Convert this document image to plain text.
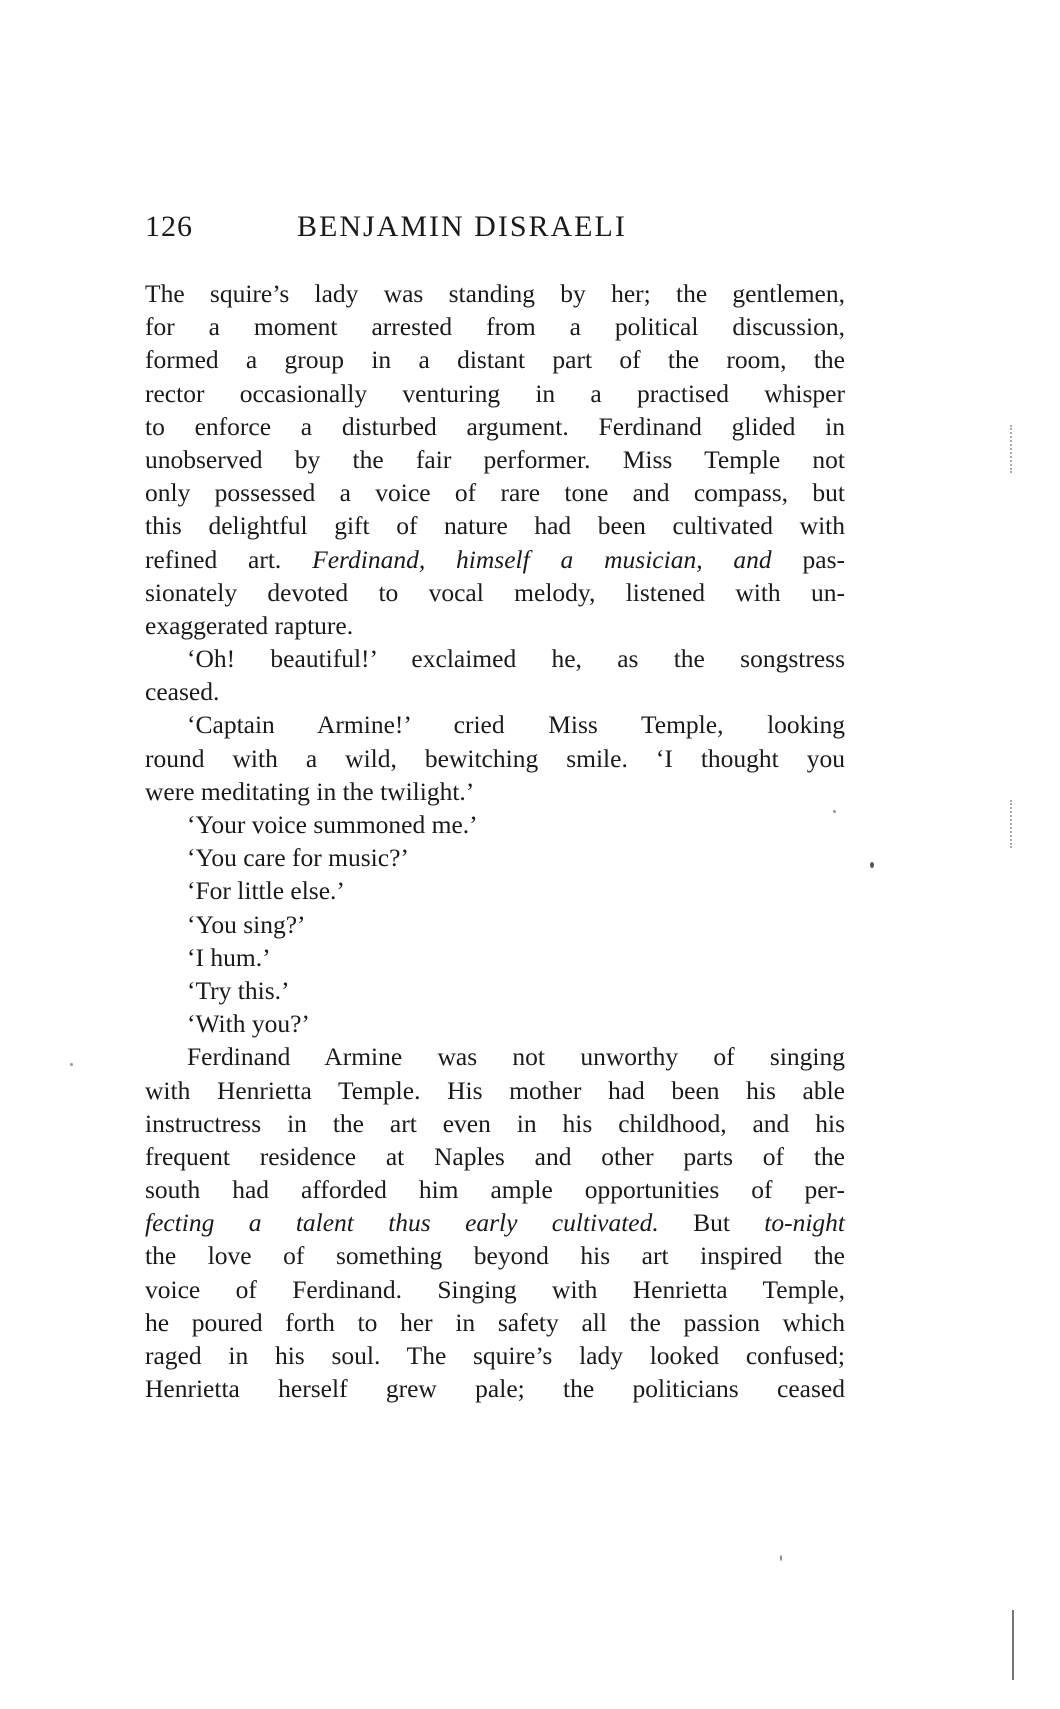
126	BENJAMIN DISRAELI
The squire’s lady was standing by her; the gentlemen,
for a moment arrested from a political discussion,
formed a group in a distant part of the room, the
rector occasionally venturing in a practised whisper
to enforce a disturbed argument. Ferdinand glided in
unobserved by the fair performer. Miss Temple not
only possessed a voice of rare tone and compass, but
this delightful gift of nature had been cultivated with
refined art. Ferdinand, himself a musician, and pas-
sionately devoted to vocal melody, listened with un-
exaggerated rapture.
‘Oh! beautiful!’ exclaimed he, as the songstress
ceased.
‘Captain Armine!’ cried Miss Temple, looking
round with a wild, bewitching smile. ‘I thought you
were meditating in the twilight.’
‘Your voice summoned me.’
‘You care for music?’
‘For little else.’
‘You sing?’
‘I hum.’
‘Try this.’
‘With you?’
Ferdinand Armine was not unworthy of singing
with Henrietta Temple. His mother had been his able
instructress in the art even in his childhood, and his
frequent residence at Naples and other parts of the
south had afforded him ample opportunities of per-
fecting a talent thus early cultivated. But to-night
the love of something beyond his art inspired the
voice of Ferdinand. Singing with Henrietta Temple,
he poured forth to her in safety all the passion which
raged in his soul. The squire’s lady looked confused;
Henrietta herself grew pale; the politicians ceased
